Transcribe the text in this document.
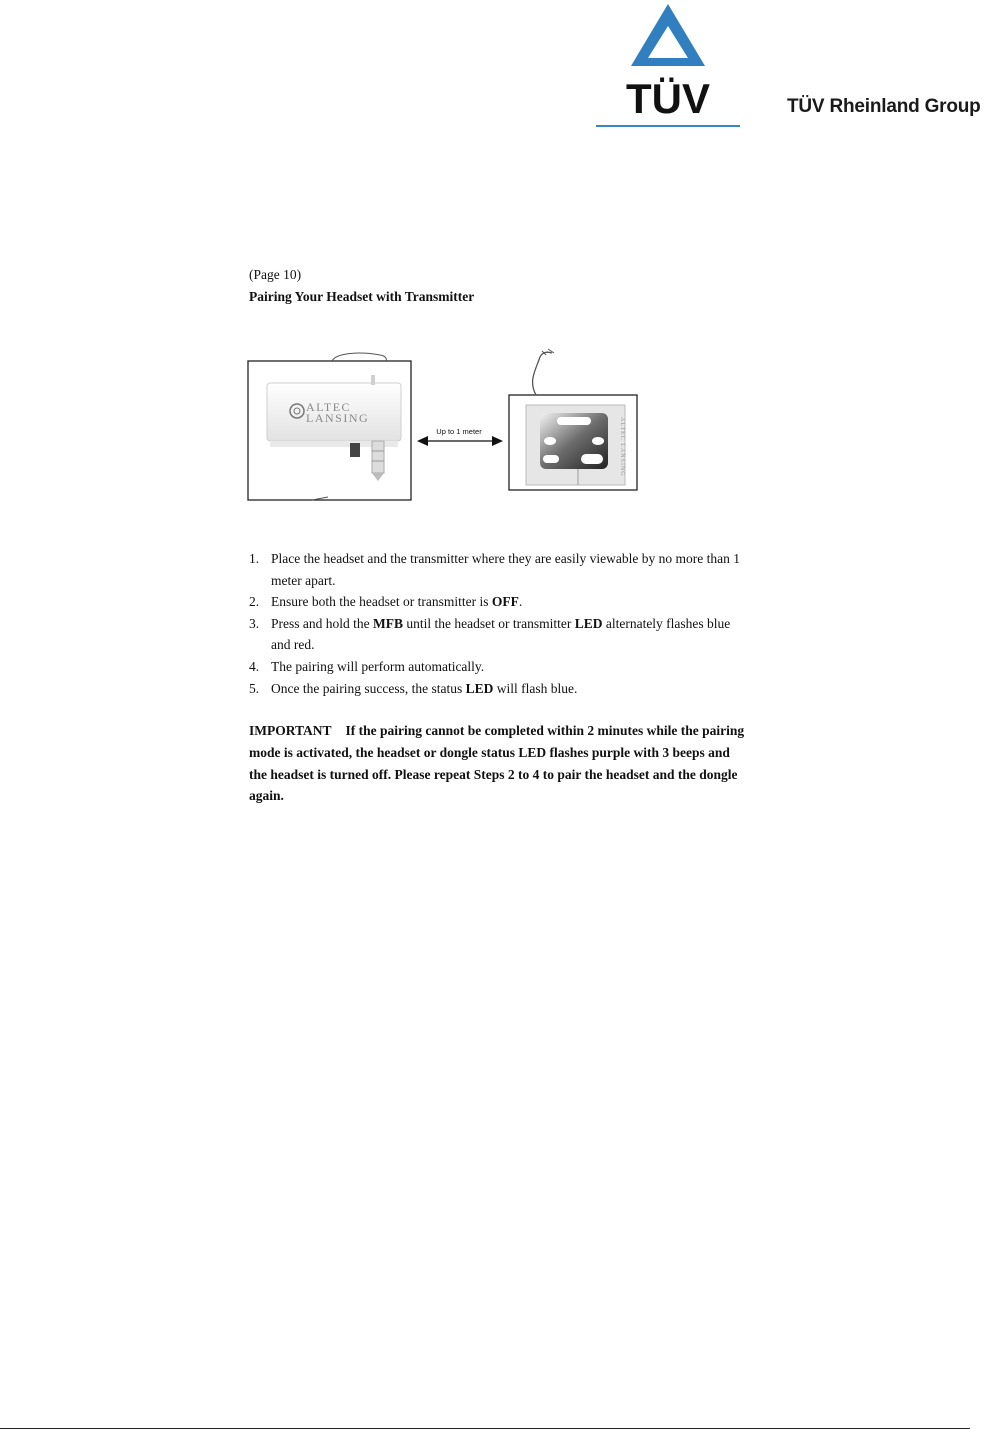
TÜV	TÜV Rheinland Group
(Page 10)
Pairing Your Headset with Transmitter
ALTEC
LANSING
Up to 1 meter	ALTEC LANSING
1. Place the headset and the transmitter where they are easily viewable by no more than 1 meter apart.
2. Ensure both the headset or transmitter is OFF.
3. Press and hold the MFB until the headset or transmitter LED alternately flashes blue and red.
4. The pairing will perform automatically.
5. Once the pairing success, the status LED will flash blue.

IMPORTANT If the pairing cannot be completed within 2 minutes while the pairing mode is activated, the headset or dongle status LED flashes purple with 3 beeps and the headset is turned off. Please repeat Steps 2 to 4 to pair the headset and the dongle again.
